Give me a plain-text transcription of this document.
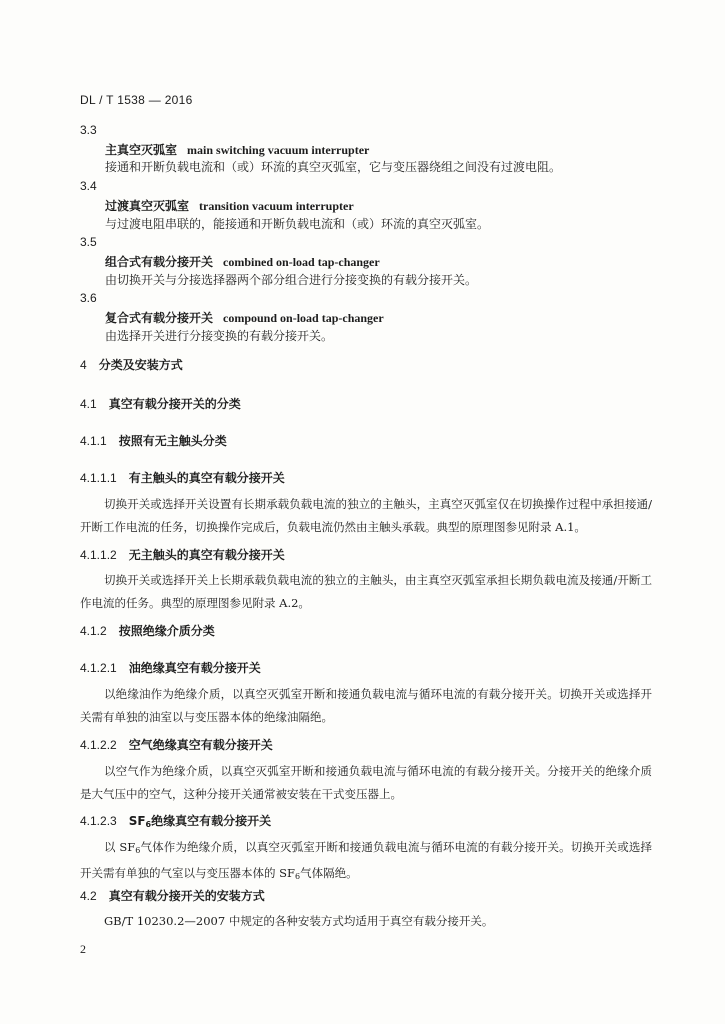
DL / T 1538 — 2016
3.3
主真空灭弧室 main switching vacuum interrupter
接通和开断负载电流和（或）环流的真空灭弧室，它与变压器绕组之间没有过渡电阻。
3.4
过渡真空灭弧室 transition vacuum interrupter
与过渡电阻串联的，能接通和开断负载电流和（或）环流的真空灭弧室。
3.5
组合式有载分接开关 combined on-load tap-changer
由切换开关与分接选择器两个部分组合进行分接变换的有载分接开关。
3.6
复合式有载分接开关 compound on-load tap-changer
由选择开关进行分接变换的有载分接开关。
4 分类及安装方式
4.1 真空有载分接开关的分类
4.1.1 按照有无主触头分类
4.1.1.1 有主触头的真空有载分接开关
切换开关或选择开关设置有长期承载负载电流的独立的主触头，主真空灭弧室仅在切换操作过程中承担接通/开断工作电流的任务，切换操作完成后，负载电流仍然由主触头承载。典型的原理图参见附录 A.1。
4.1.1.2 无主触头的真空有载分接开关
切换开关或选择开关上长期承载负载电流的独立的主触头，由主真空灭弧室承担长期负载电流及接通/开断工作电流的任务。典型的原理图参见附录 A.2。
4.1.2 按照绝缘介质分类
4.1.2.1 油绝缘真空有载分接开关
以绝缘油作为绝缘介质，以真空灭弧室开断和接通负载电流与循环电流的有载分接开关。切换开关或选择开关需有单独的油室以与变压器本体的绝缘油隔绝。
4.1.2.2 空气绝缘真空有载分接开关
以空气作为绝缘介质，以真空灭弧室开断和接通负载电流与循环电流的有载分接开关。分接开关的绝缘介质是大气压中的空气，这种分接开关通常被安装在干式变压器上。
4.1.2.3 $SF_6$绝缘真空有载分接开关
以 $SF_6$气体作为绝缘介质，以真空灭弧室开断和接通负载电流与循环电流的有载分接开关。切换开关或选择开关需有单独的气室以与变压器本体的 $SF_6$气体隔绝。
4.2 真空有载分接开关的安装方式
GB/T 10230.2—2007 中规定的各种安装方式均适用于真空有载分接开关。
2
